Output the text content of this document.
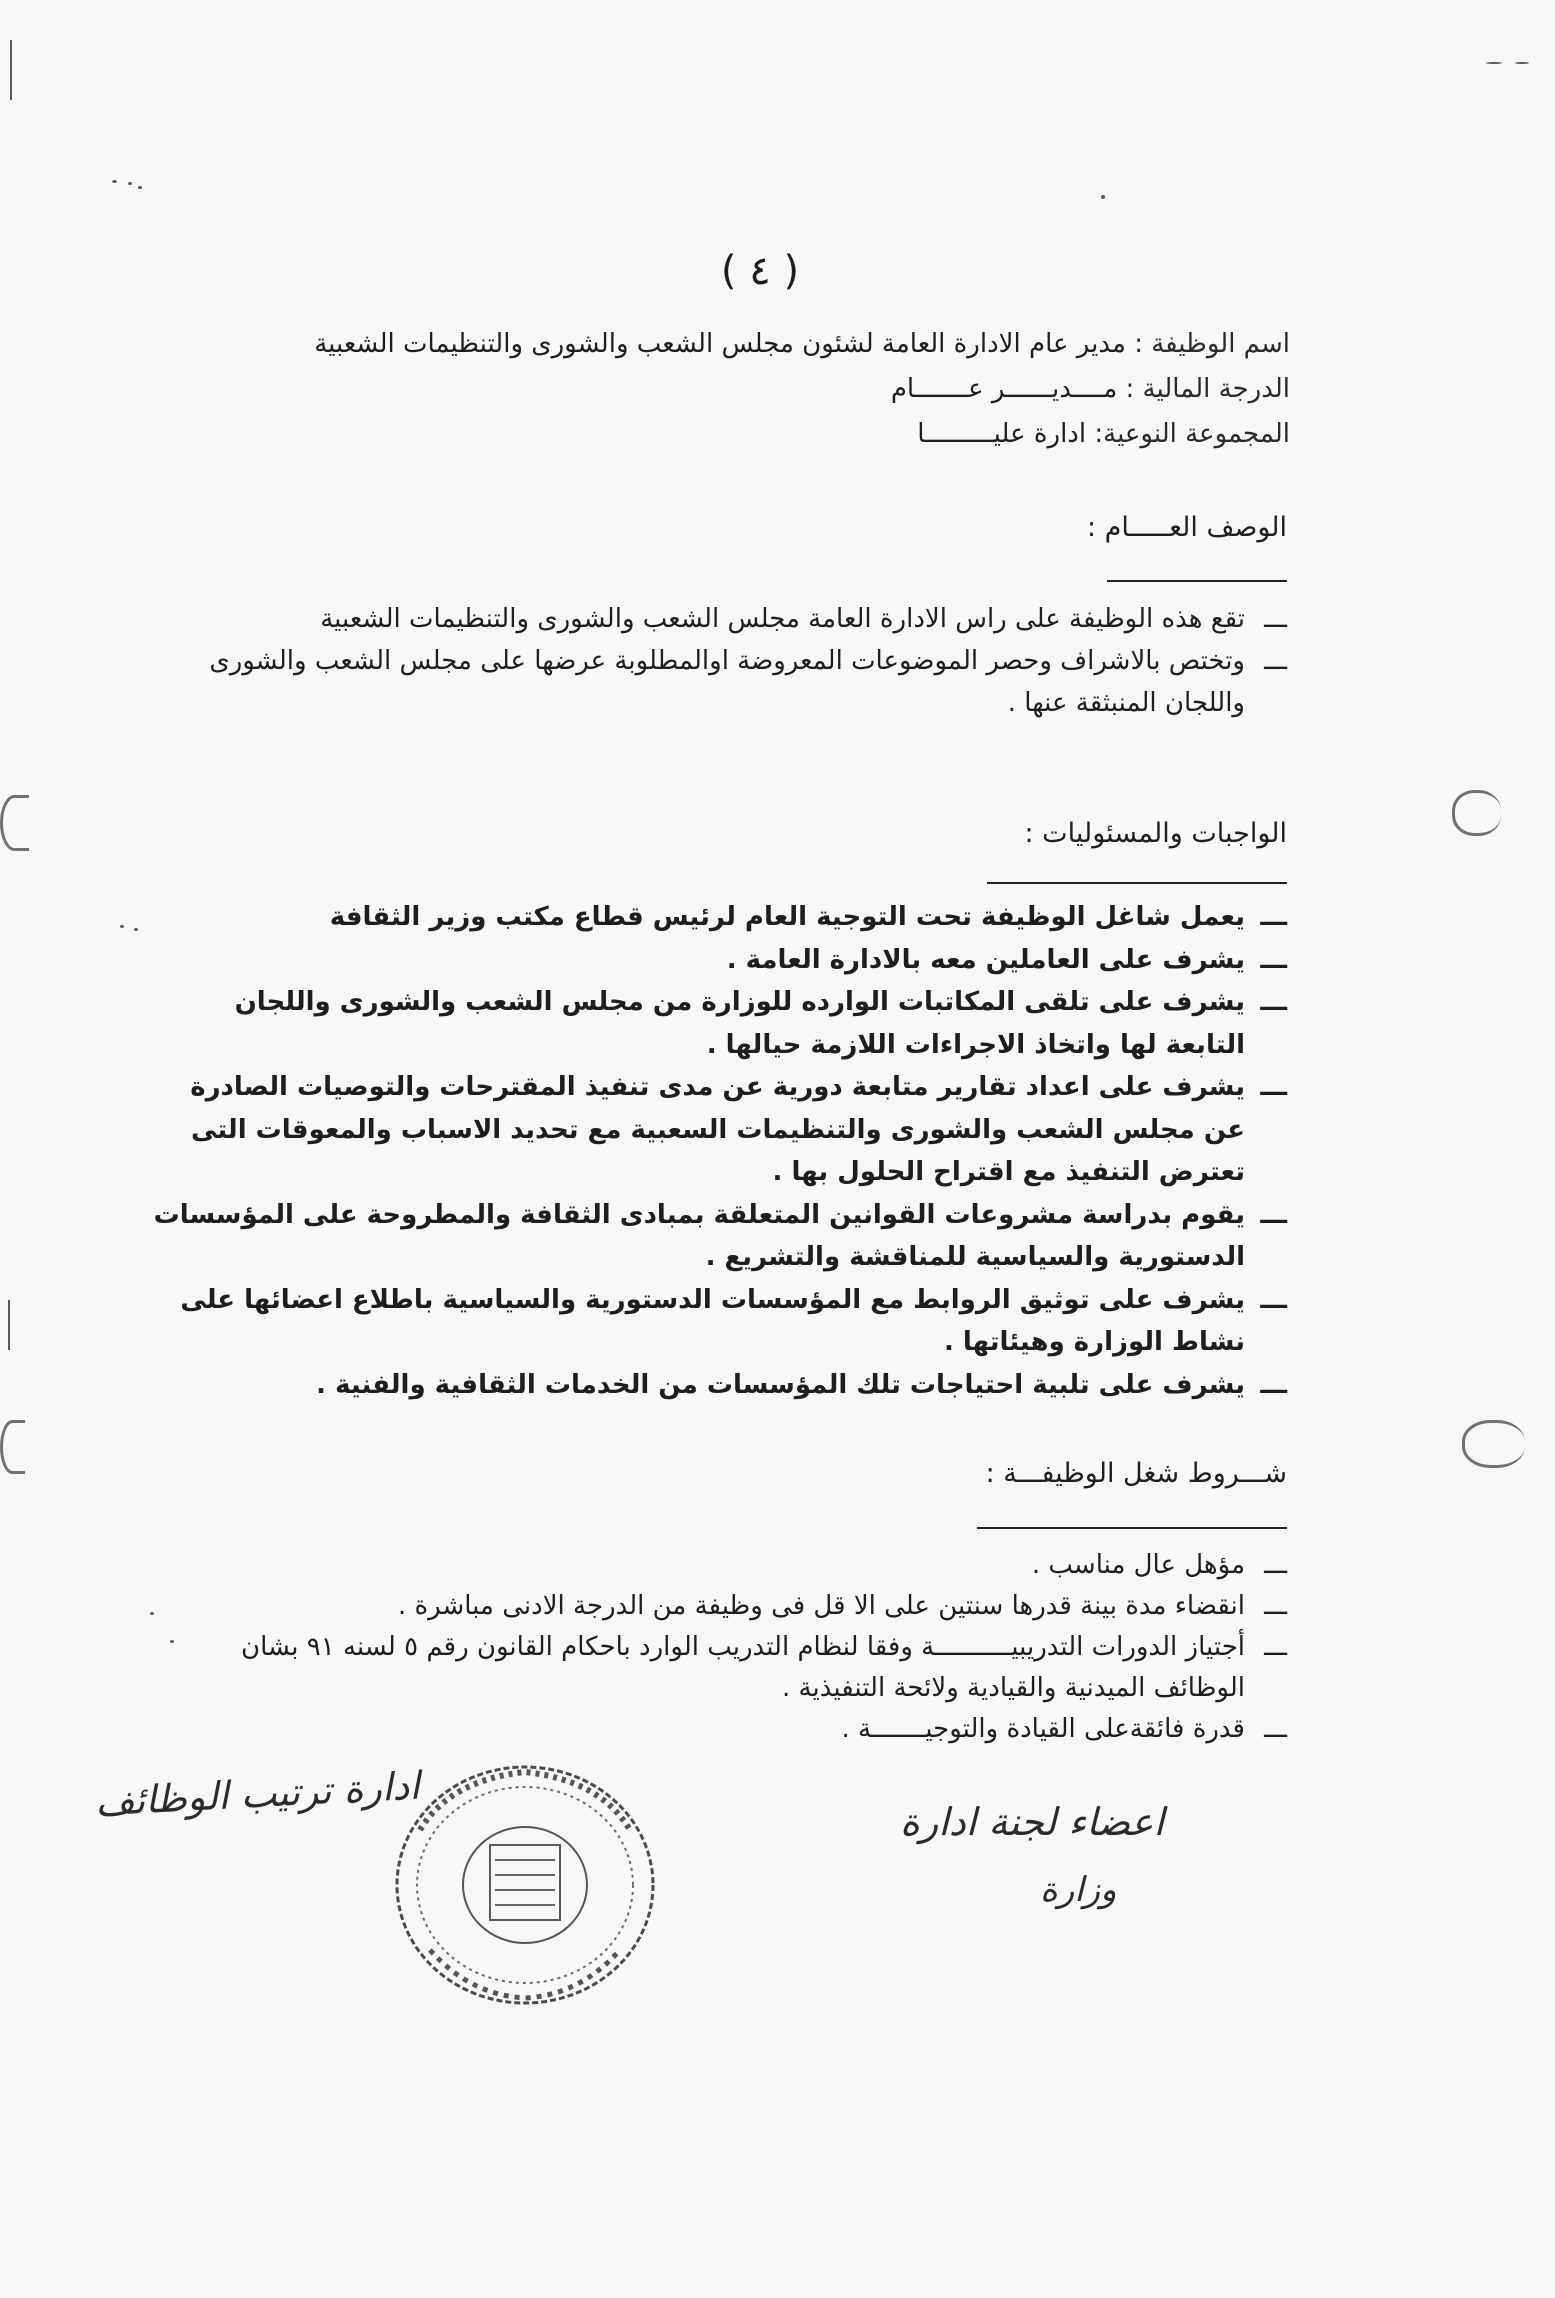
( ٤ )
اسم الوظيفة : مدير عام الادارة العامة لشئون مجلس الشعب والشورى والتنظيمات الشعبية
الدرجة المالية : مــــديــــــر عـــــــام
المجموعة النوعية: ادارة عليـــــــــا
الوصف العـــــام :
ـــ
تقع هذه الوظيفة على راس الادارة العامة مجلس الشعب والشورى والتنظيمات الشعبية
ـــ
وتختص بالاشراف وحصر الموضوعات المعروضة اوالمطلوبة عرضها على مجلس الشعب والشورى واللجان المنبثقة عنها .
الواجبات والمسئوليات :
ـــ
يعمل شاغل الوظيفة تحت التوجية العام لرئيس قطاع مكتب وزير الثقافة
ـــ
يشرف على العاملين معه بالادارة العامة .
ـــ
يشرف على تلقى المكاتبات الوارده للوزارة من مجلس الشعب والشورى واللجان التابعة لها واتخاذ الاجراءات اللازمة حيالها .
ـــ
يشرف على اعداد تقارير متابعة دورية عن مدى تنفيذ المقترحات والتوصيات الصادرة عن مجلس الشعب والشورى والتنظيمات السعبية مع تحديد الاسباب والمعوقات التى تعترض التنفيذ مع اقتراح الحلول بها .
ـــ
يقوم بدراسة مشروعات القوانين المتعلقة بمبادى الثقافة والمطروحة على المؤسسات الدستورية والسياسية للمناقشة والتشريع .
ـــ
يشرف على توثيق الروابط مع المؤسسات الدستورية والسياسية باطلاع اعضائها على نشاط الوزارة وهيئاتها .
ـــ
يشرف على تلبية احتياجات تلك المؤسسات من الخدمات الثقافية والفنية .
شـــروط شغل الوظيفـــة :
ـــ
مؤهل عال مناسب .
ـــ
انقضاء مدة بينة قدرها سنتين على الا قل فى وظيفة من الدرجة الادنى مباشرة .
ـــ
أجتياز الدورات التدريبيــــــــــة وفقا لنظام التدريب الوارد باحكام القانون رقم ٥ لسنه ٩١ بشان الوظائف الميدنية والقيادية ولائحة التنفيذية .
ـــ
قدرة فائقةعلى القيادة والتوجيـــــــة .
ادارة ترتيب الوظائف	اعضاء لجنة ادارة
وزارة
